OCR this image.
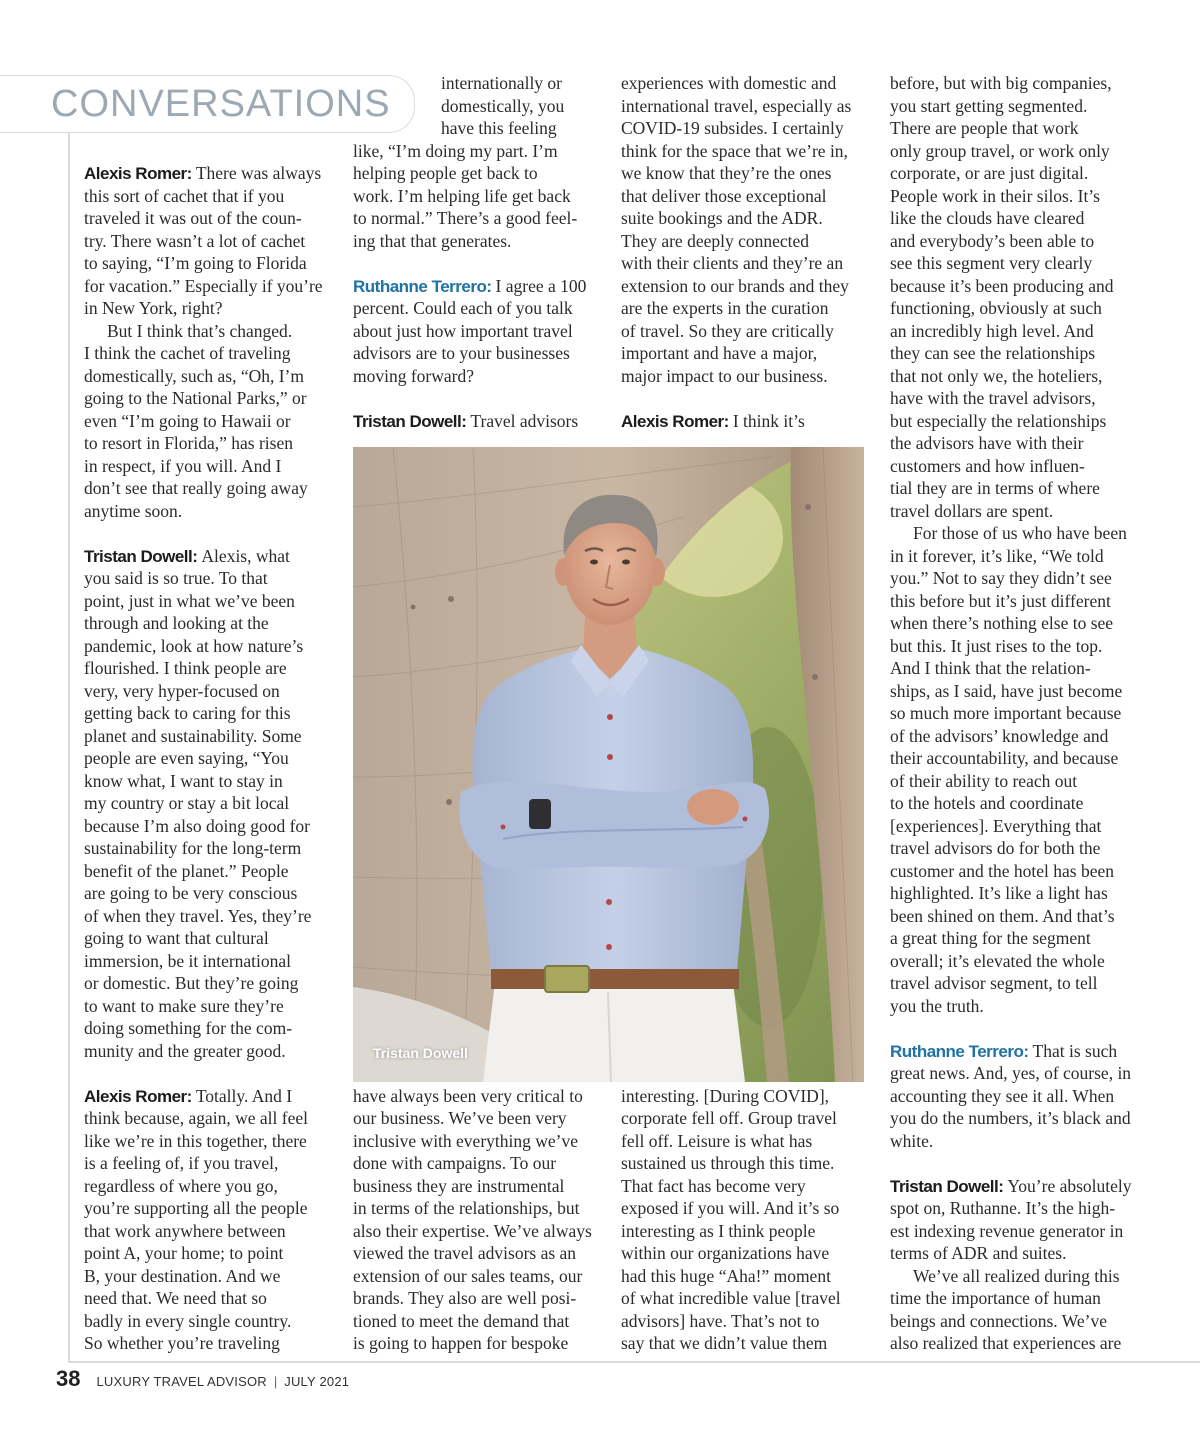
CONVERSATIONS
Alexis Romer: There was always
this sort of cachet that if you
traveled it was out of the coun-
try. There wasn’t a lot of cachet
to saying, “I’m going to Florida
for vacation.” Especially if you’re
in New York, right?
But I think that’s changed.
I think the cachet of traveling
domestically, such as, “Oh, I’m
going to the National Parks,” or
even “I’m going to Hawaii or
to resort in Florida,” has risen
in respect, if you will. And I
don’t see that really going away
anytime soon.
Tristan Dowell: Alexis, what
you said is so true. To that
point, just in what we’ve been
through and looking at the
pandemic, look at how nature’s
flourished. I think people are
very, very hyper-focused on
getting back to caring for this
planet and sustainability. Some
people are even saying, “You
know what, I want to stay in
my country or stay a bit local
because I’m also doing good for
sustainability for the long-term
benefit of the planet.” People
are going to be very conscious
of when they travel. Yes, they’re
going to want that cultural
immersion, be it international
or domestic. But they’re going
to want to make sure they’re
doing something for the com-
munity and the greater good.
Alexis Romer: Totally. And I
think because, again, we all feel
like we’re in this together, there
is a feeling of, if you travel,
regardless of where you go,
you’re supporting all the people
that work anywhere between
point A, your home; to point
B, your destination. And we
need that. We need that so
badly in every single country.
So whether you’re traveling
internationally or
domestically, you
have this feeling
like, “I’m doing my part. I’m
helping people get back to
work. I’m helping life get back
to normal.” There’s a good feel-
ing that that generates.
Ruthanne Terrero: I agree a 100
percent. Could each of you talk
about just how important travel
advisors are to your businesses
moving forward?
Tristan Dowell: Travel advisors
have always been very critical to
our business. We’ve been very
inclusive with everything we’ve
done with campaigns. To our
business they are instrumental
in terms of the relationships, but
also their expertise. We’ve always
viewed the travel advisors as an
extension of our sales teams, our
brands. They also are well posi-
tioned to meet the demand that
is going to happen for bespoke
experiences with domestic and
international travel, especially as
COVID-19 subsides. I certainly
think for the space that we’re in,
we know that they’re the ones
that deliver those exceptional
suite bookings and the ADR.
They are deeply connected
with their clients and they’re an
extension to our brands and they
are the experts in the curation
of travel. So they are critically
important and have a major,
major impact to our business.
Alexis Romer: I think it’s
interesting. [During COVID],
corporate fell off. Group travel
fell off. Leisure is what has
sustained us through this time.
That fact has become very
exposed if you will. And it’s so
interesting as I think people
within our organizations have
had this huge “Aha!” moment
of what incredible value [travel
advisors] have. That’s not to
say that we didn’t value them
before, but with big companies,
you start getting segmented.
There are people that work
only group travel, or work only
corporate, or are just digital.
People work in their silos. It’s
like the clouds have cleared
and everybody’s been able to
see this segment very clearly
because it’s been producing and
functioning, obviously at such
an incredibly high level. And
they can see the relationships
that not only we, the hoteliers,
have with the travel advisors,
but especially the relationships
the advisors have with their
customers and how influen-
tial they are in terms of where
travel dollars are spent.
For those of us who have been
in it forever, it’s like, “We told
you.” Not to say they didn’t see
this before but it’s just different
when there’s nothing else to see
but this. It just rises to the top.
And I think that the relation-
ships, as I said, have just become
so much more important because
of the advisors’ knowledge and
their accountability, and because
of their ability to reach out
to the hotels and coordinate
[experiences]. Everything that
travel advisors do for both the
customer and the hotel has been
highlighted. It’s like a light has
been shined on them. And that’s
a great thing for the segment
overall; it’s elevated the whole
travel advisor segment, to tell
you the truth.
Ruthanne Terrero: That is such
great news. And, yes, of course, in
accounting they see it all. When
you do the numbers, it’s black and
white.
Tristan Dowell: You’re absolutely
spot on, Ruthanne. It’s the high-
est indexing revenue generator in
terms of ADR and suites.
We’ve all realized during this
time the importance of human
beings and connections. We’ve
also realized that experiences are
Tristan Dowell
38 LUXURY TRAVEL ADVISOR | JULY 2021
